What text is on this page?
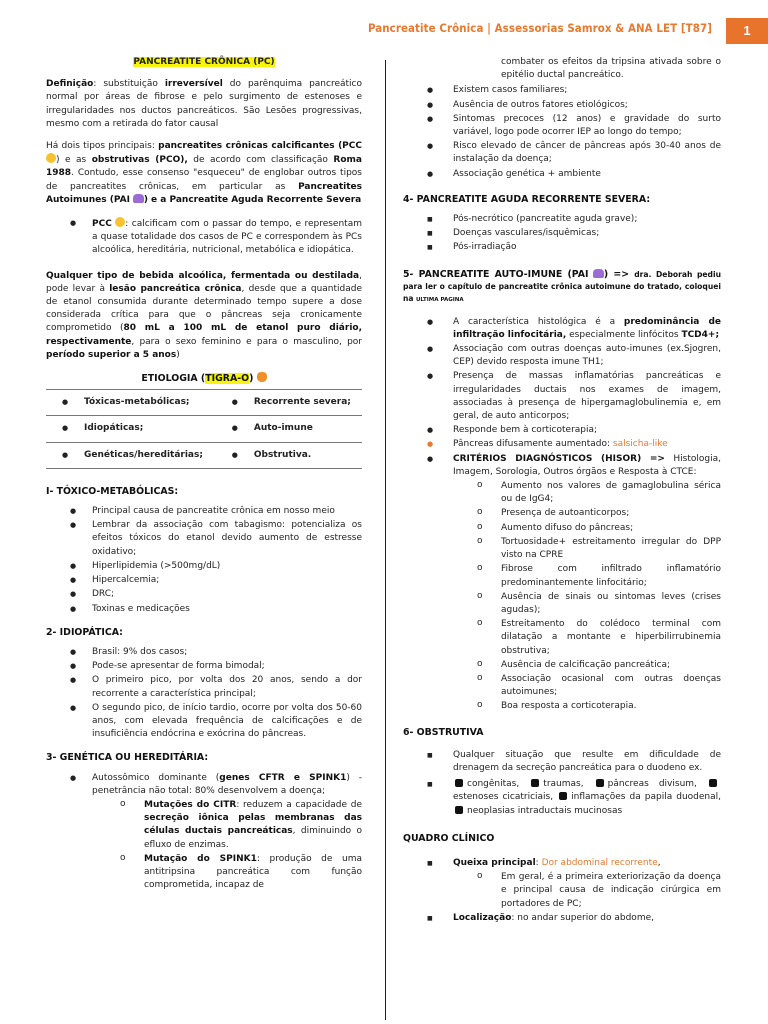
Pancreatite Crônica | Assessorias Samrox & ANA LET [T87]	1

PANCREATITE CRÔNICA (PC)

Definição: substituição irreversível do parênquima pancreático normal por áreas de fibrose e pelo surgimento de estenoses e irregularidades nos ductos pancreáticos. São Lesões progressivas, mesmo com a retirada do fator causal

Há dois tipos principais: pancreatites crônicas calcificantes (PCC ) e as obstrutivas (PCO), de acordo com classificação Roma 1988. Contudo, esse consenso "esqueceu" de englobar outros tipos de pancreatites crônicas, em particular as Pancreatites Autoimunes (PAI ) e a Pancreatite Aguda Recorrente Severa

● PCC : calcificam com o passar do tempo, e representam a quase totalidade dos casos de PC e correspondem às PCs alcoólica, hereditária, nutricional, metabólica e idiopática.

Qualquer tipo de bebida alcoólica, fermentada ou destilada, pode levar à lesão pancreática crônica, desde que a quantidade de etanol consumida durante determinado tempo supere a dose considerada crítica para que o pâncreas seja cronicamente comprometido (80 mL a 100 mL de etanol puro diário, respectivamente, para o sexo feminino e para o masculino, por período superior a 5 anos)

ETIOLOGIA (TIGRA-O)

● Tóxicas-metabólicas;	● Recorrente severa;
● Idiopáticas;	● Auto-imune
● Genéticas/hereditárias;	● Obstrutiva.

I- TÓXICO-METABÓLICAS:

● Principal causa de pancreatite crônica em nosso meio
● Lembrar da associação com tabagismo: potencializa os efeitos tóxicos do etanol devido aumento de estresse oxidativo;
● Hiperlipidemia (>500mg/dL)
● Hipercalcemia;
● DRC;
● Toxinas e medicações

2- IDIOPÁTICA:

● Brasil: 9% dos casos;
● Pode-se apresentar de forma bimodal;
● O primeiro pico, por volta dos 20 anos, sendo a dor recorrente a característica principal;
● O segundo pico, de início tardio, ocorre por volta dos 50-60 anos, com elevada frequência de calcificações e de insuficiência endócrina e exócrina do pâncreas.

3- GENÉTICA OU HEREDITÁRIA:

● Autossômico dominante (genes CFTR e SPINK1) - penetrância não total: 80% desenvolvem a doença;
o Mutações do CITR: reduzem a capacidade de secreção iônica pelas membranas das células ductais pancreáticas, diminuindo o efluxo de enzimas.
o Mutação do SPINK1: produção de uma antitripsina pancreática com função comprometida, incapaz de

combater os efeitos da tripsina ativada sobre o epitélio ductal pancreático.

● Existem casos familiares;
● Ausência de outros fatores etiológicos;
● Sintomas precoces (12 anos) e gravidade do surto variável, logo pode ocorrer IEP ao longo do tempo;
● Risco elevado de câncer de pâncreas após 30-40 anos de instalação da doença;
● Associação genética + ambiente

4- PANCREATITE AGUDA RECORRENTE SEVERA:

■ Pós-necrótico (pancreatite aguda grave);
■ Doenças vasculares/isquêmicas;
■ Pós-irradiação

5- PANCREATITE AUTO-IMUNE (PAI ) => dra. Deborah pediu para ler o capítulo de pancreatite crônica autoimune do tratado, coloquei na ULTIMA PAGINA

● A característica histológica é a predominância de infiltração linfocitária, especialmente linfócitos TCD4+;
● Associação com outras doenças auto-imunes (ex.Sjogren, CEP) devido resposta imune TH1;
● Presença de massas inflamatórias pancreáticas e irregularidades ductais nos exames de imagem, associadas à presença de hipergamaglobulinemia e, em geral, de auto anticorpos;
● Responde bem à corticoterapia;
● Pâncreas difusamente aumentado: salsicha-like
● CRITÉRIOS DIAGNÓSTICOS (HISOR) => Histologia, Imagem, Sorologia, Outros órgãos e Resposta à CTCE:
o Aumento nos valores de gamaglobulina sérica ou de IgG4;
o Presença de autoanticorpos;
o Aumento difuso do pâncreas;
o Tortuosidade+ estreitamento irregular do DPP visto na CPRE
o Fibrose com infiltrado inflamatório predominantemente linfocitário;
o Ausência de sinais ou sintomas leves (crises agudas);
o Estreitamento do colédoco terminal com dilatação a montante e hiperbilirrubinemia obstrutiva;
o Ausência de calcificação pancreática;
o Associação ocasional com outras doenças autoimunes;
o Boa resposta a corticoterapia.

6- OBSTRUTIVA

■ Qualquer situação que resulte em dificuldade de drenagem da secreção pancreática para o duodeno ex.
■ congênitas,	traumas,	pâncreas divisum, estenoses cicatriciais, inflamações da papila duodenal, neoplasias intraductais mucinosas

QUADRO CLÍNICO

■ Queixa principal: Dor abdominal recorrente,
o Em geral, é a primeira exteriorização da doença e principal causa de indicação cirúrgica em portadores de PC;
■ Localização: no andar superior do abdome,
